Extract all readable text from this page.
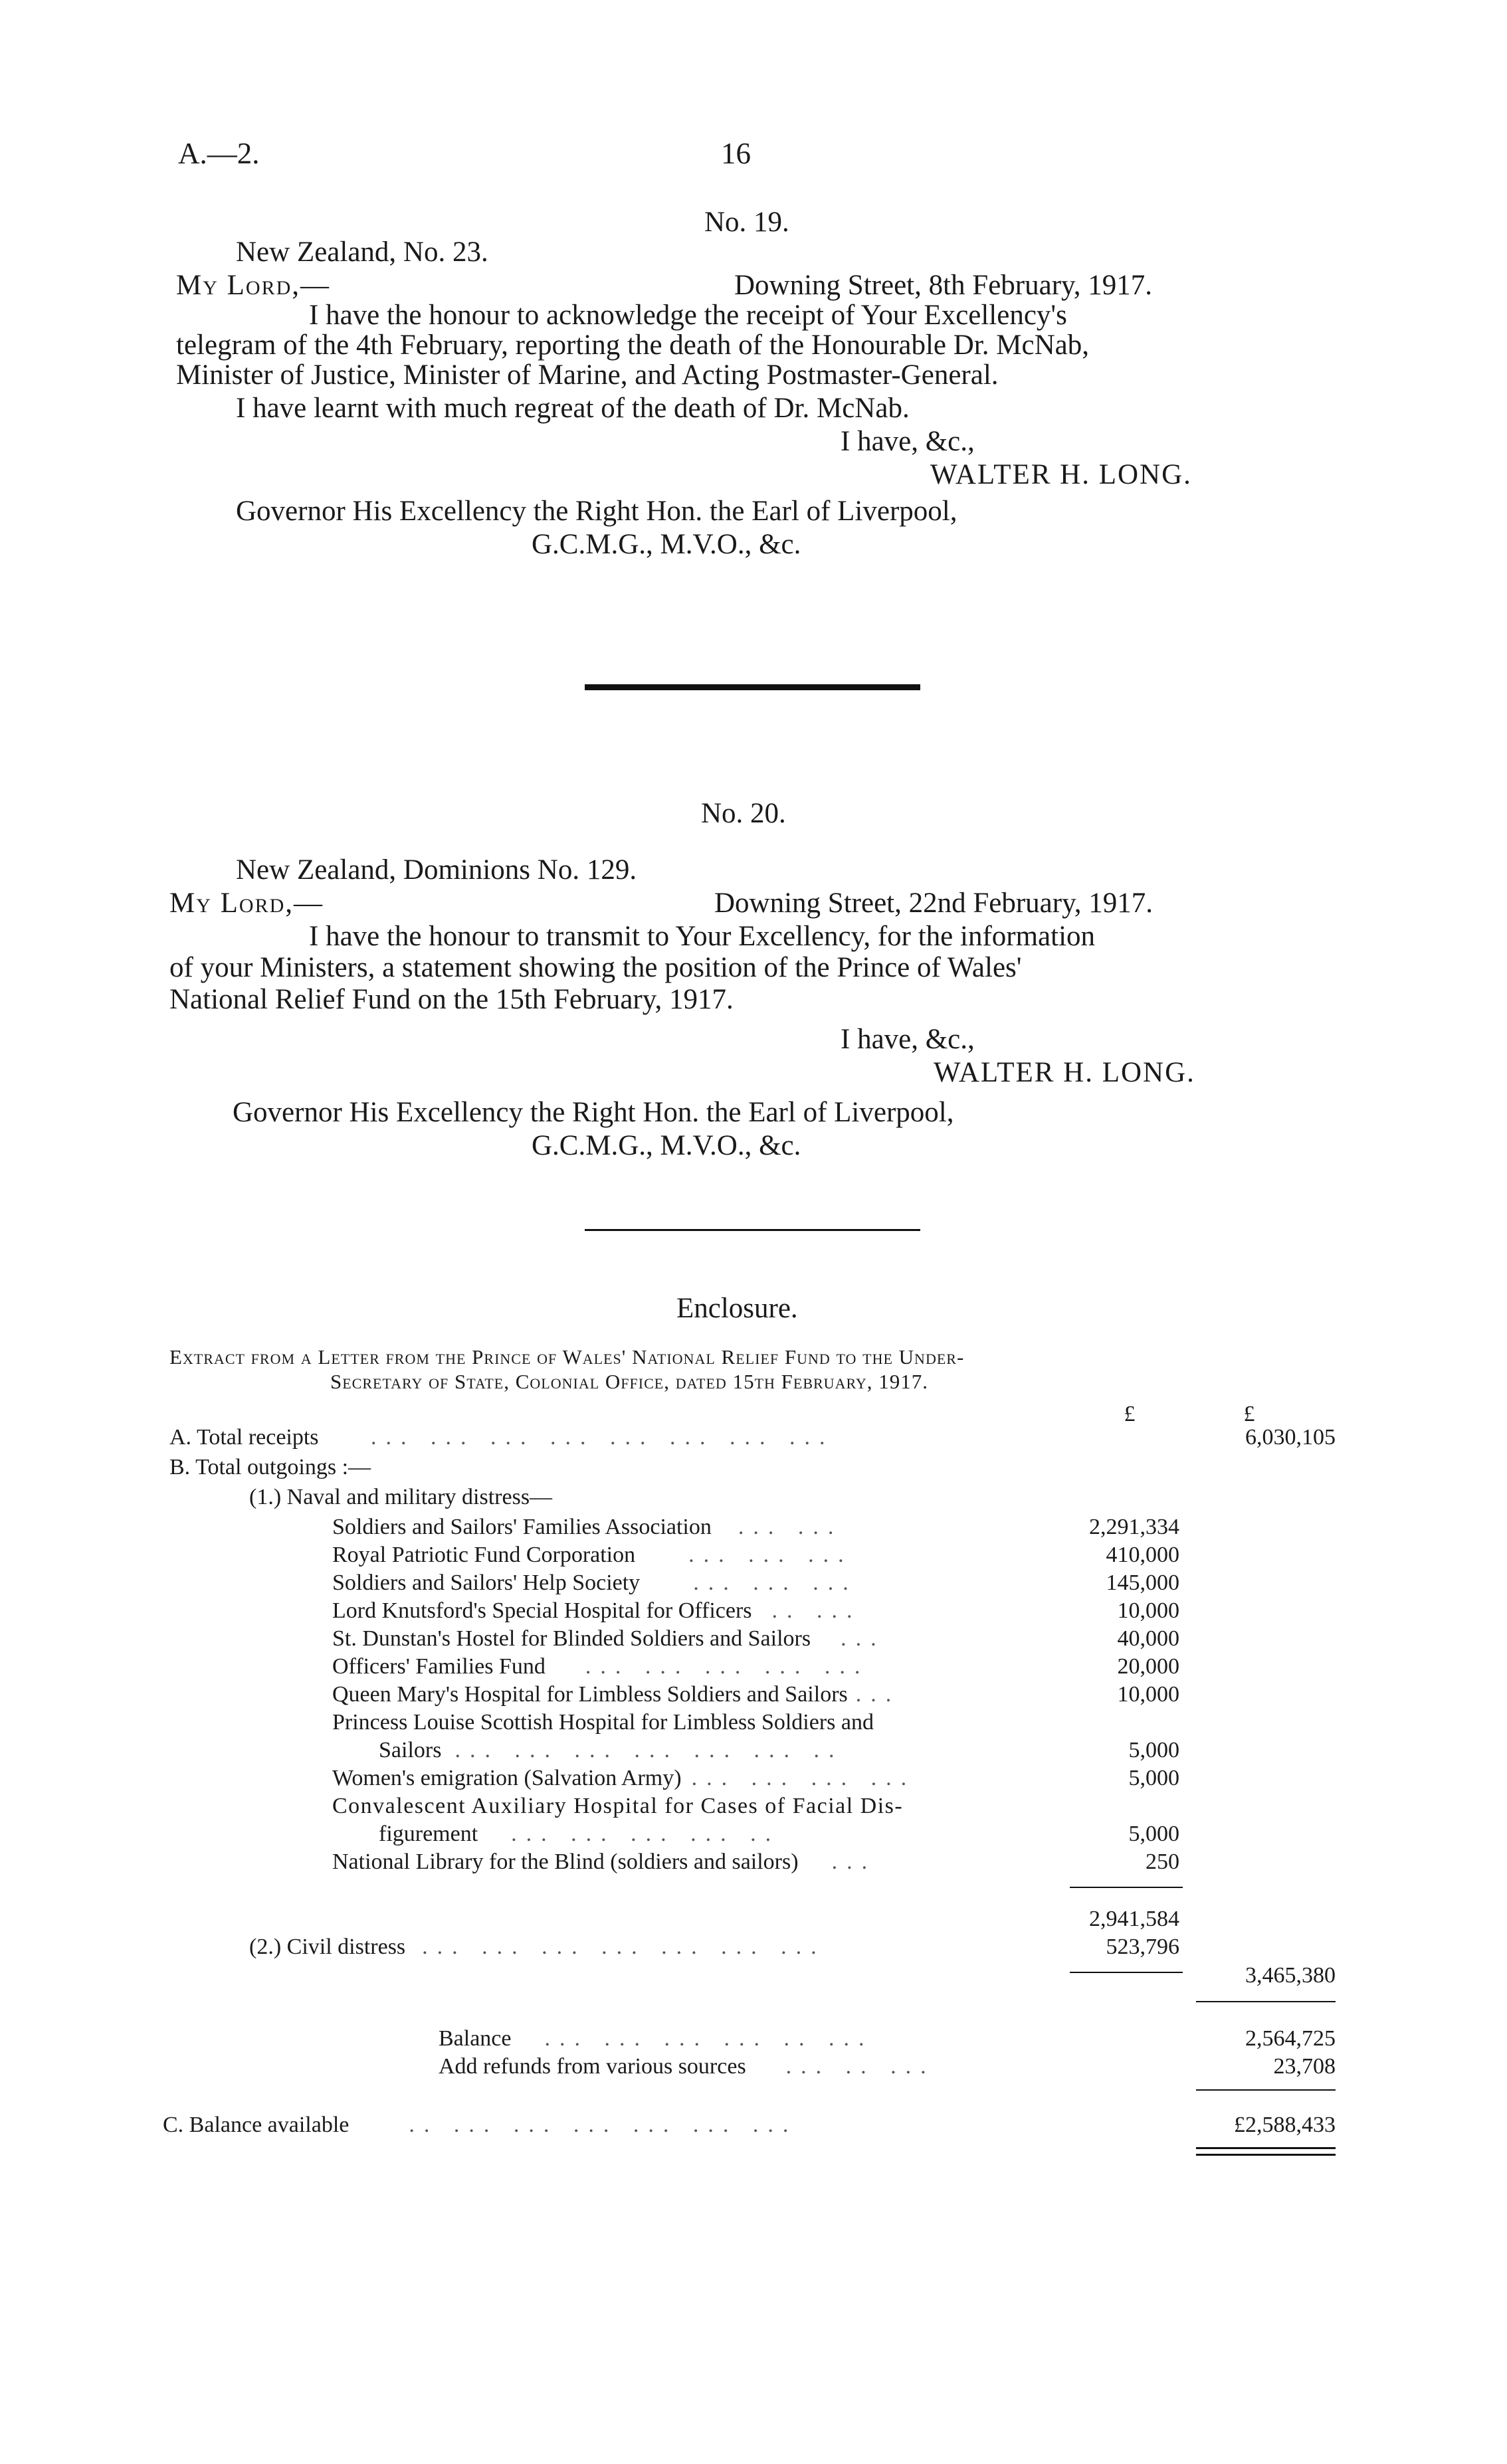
A.—2.	16
No. 19.
New Zealand, No. 23.
My Lord,—	Downing Street, 8th February, 1917.
I have the honour to acknowledge the receipt of Your Excellency's
telegram of the 4th February, reporting the death of the Honourable Dr. McNab,
Minister of Justice, Minister of Marine, and Acting Postmaster-General.
I have learnt with much regreat of the death of Dr. McNab.
I have, &c.,
WALTER H. LONG.
Governor His Excellency the Right Hon. the Earl of Liverpool,
G.C.M.G., M.V.O., &c.
No. 20.
New Zealand, Dominions No. 129.
My Lord,—	Downing Street, 22nd February, 1917.
I have the honour to transmit to Your Excellency, for the information
of your Ministers, a statement showing the position of the Prince of Wales'
National Relief Fund on the 15th February, 1917.
I have, &c.,
WALTER H. LONG.
Governor His Excellency the Right Hon. the Earl of Liverpool,
G.C.M.G., M.V.O., &c.
Enclosure.
Extract from a Letter from the Prince of Wales' National Relief Fund to the Under-
Secretary of State, Colonial Office, dated 15th February, 1917.
£	£
A. Total receipts ... ... ... ... ... ... ... ...	6,030,105
B. Total outgoings :—
(1.) Naval and military distress—
Soldiers and Sailors' Families Association ... ...	2,291,334
Royal Patriotic Fund Corporation ... ... ...	410,000
Soldiers and Sailors' Help Society ... ... ...	145,000
Lord Knutsford's Special Hospital for Officers .. ...	10,000
St. Dunstan's Hostel for Blinded Soldiers and Sailors ...	40,000
Officers' Families Fund ... ... ... ... ...	20,000
Queen Mary's Hospital for Limbless Soldiers and Sailors ...	10,000
Princess Louise Scottish Hospital for Limbless Soldiers and
Sailors ... ... ... ... ... ... ..	5,000
Women's emigration (Salvation Army) ... ... ... ...	5,000
Convalescent Auxiliary Hospital for Cases of Facial Dis-
figurement ... ... ... ... ..	5,000
National Library for the Blind (soldiers and sailors) ...	250
2,941,584
(2.) Civil distress ... ... ... ... ... ... ...	523,796
3,465,380
Balance ... ... ... ... .. ...	2,564,725
Add refunds from various sources ... .. ...	23,708
C. Balance available	.. ... ... ... ... ... ...	£2,588,433
